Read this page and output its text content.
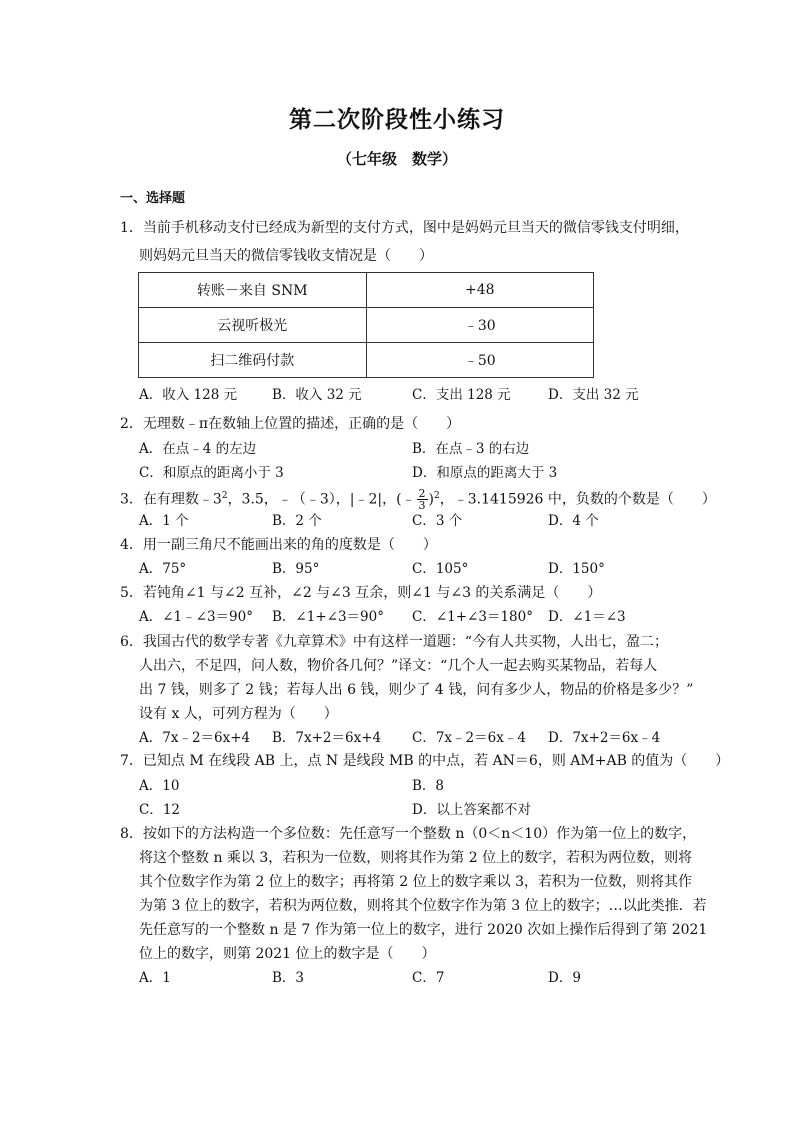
第二次阶段性小练习
（七年级　数学）
一、选择题
1．当前手机移动支付已经成为新型的支付方式，图中是妈妈元旦当天的微信零钱支付明细，
则妈妈元旦当天的微信零钱收支情况是（　　）
转账－来自 SNM	+48
云视听极光	﹣30
扫二维码付款	﹣50
A．收入 128 元	B．收入 32 元	C．支出 128 元	D．支出 32 元
2．无理数﹣π在数轴上位置的描述，正确的是（　　）
A．在点﹣4 的左边	B．在点﹣3 的右边
C．和原点的距离小于 3	D．和原点的距离大于 3
3．在有理数$﹣3^2$，3.5，﹣（﹣3），|﹣2|，(﹣ $\frac{2}{3} )^2$，﹣3.1415926 中，负数的个数是（　　）
A．1 个	B．2 个	C．3 个	D．4 个
4．用一副三角尺不能画出来的角的度数是（　　）
A．75°	B．95°	C．105°	D．150°
5．若钝角∠1 与∠2 互补，∠2 与∠3 互余，则∠1 与∠3 的关系满足（　　）
A．∠1﹣∠3＝90° B．∠1+∠3＝90° C．∠1+∠3＝180° D．∠1＝∠3
6．我国古代的数学专著《九章算术》中有这样一道题：“今有人共买物，人出七，盈二；
人出六，不足四，问人数，物价各几何？”译文：“几个人一起去购买某物品，若每人
出 7 钱，则多了 2 钱；若每人出 6 钱，则少了 4 钱，问有多少人，物品的价格是多少？”
设有 x 人，可列方程为（　　）
A．7x﹣2＝6x+4 B．7x+2＝6x+4 C．7x﹣2＝6x﹣4 D．7x+2＝6x﹣4
7．已知点 M 在线段 AB 上，点 N 是线段 MB 的中点，若 AN＝6，则 AM+AB 的值为（　　）
A．10	B．8
C．12	D．以上答案都不对
8．按如下的方法构造一个多位数：先任意写一个整数 n（0＜n＜10）作为第一位上的数字，
将这个整数 n 乘以 3，若积为一位数，则将其作为第 2 位上的数字，若积为两位数，则将
其个位数字作为第 2 位上的数字；再将第 2 位上的数字乘以 3，若积为一位数，则将其作
为第 3 位上的数字，若积为两位数，则将其个位数字作为第 3 位上的数字；…以此类推．若
先任意写的一个整数 n 是 7 作为第一位上的数字，进行 2020 次如上操作后得到了第 2021
位上的数字，则第 2021 位上的数字是（　　）
A．1	B．3	C．7	D．9
